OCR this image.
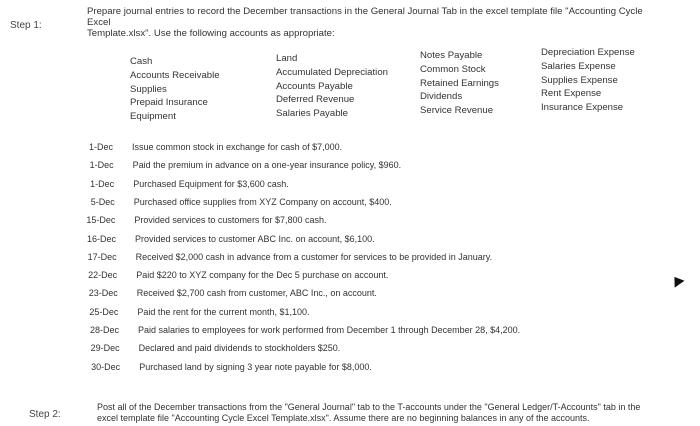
Step 1:
Prepare journal entries to record the December transactions in the General Journal Tab in the excel template file "Accounting Cycle Excel
Template.xlsx". Use the following accounts as appropriate:
Cash
Accounts Receivable
Supplies
Prepaid Insurance
Equipment
Land
Accumulated Depreciation
Accounts Payable
Deferred Revenue
Salaries Payable
Notes Payable
Common Stock
Retained Earnings
Dividends
Service Revenue
Depreciation Expense
Salaries Expense
Supplies Expense
Rent Expense
Insurance Expense
1-Dec Issue common stock in exchange for cash of $7,000.
1-Dec Paid the premium in advance on a one-year insurance policy, $960.
1-Dec Purchased Equipment for $3,600 cash.
5-Dec Purchased office supplies from XYZ Company on account, $400.
15-Dec Provided services to customers for $7,800 cash.
16-Dec Provided services to customer ABC Inc. on account, $6,100.
17-Dec Received $2,000 cash in advance from a customer for services to be provided in January.
22-Dec Paid $220 to XYZ company for the Dec 5 purchase on account.
23-Dec Received $2,700 cash from customer, ABC Inc., on account.
25-Dec Paid the rent for the current month, $1,100.
28-Dec Paid salaries to employees for work performed from December 1 through December 28, $4,200.
29-Dec Declared and paid dividends to stockholders $250.
30-Dec Purchased land by signing 3 year note payable for $8,000.
Step 2:
Post all of the December transactions from the "General Journal" tab to the T-accounts under the "General Ledger/T-Accounts" tab in the
excel template file "Accounting Cycle Excel Template.xlsx". Assume there are no beginning balances in any of the accounts.
